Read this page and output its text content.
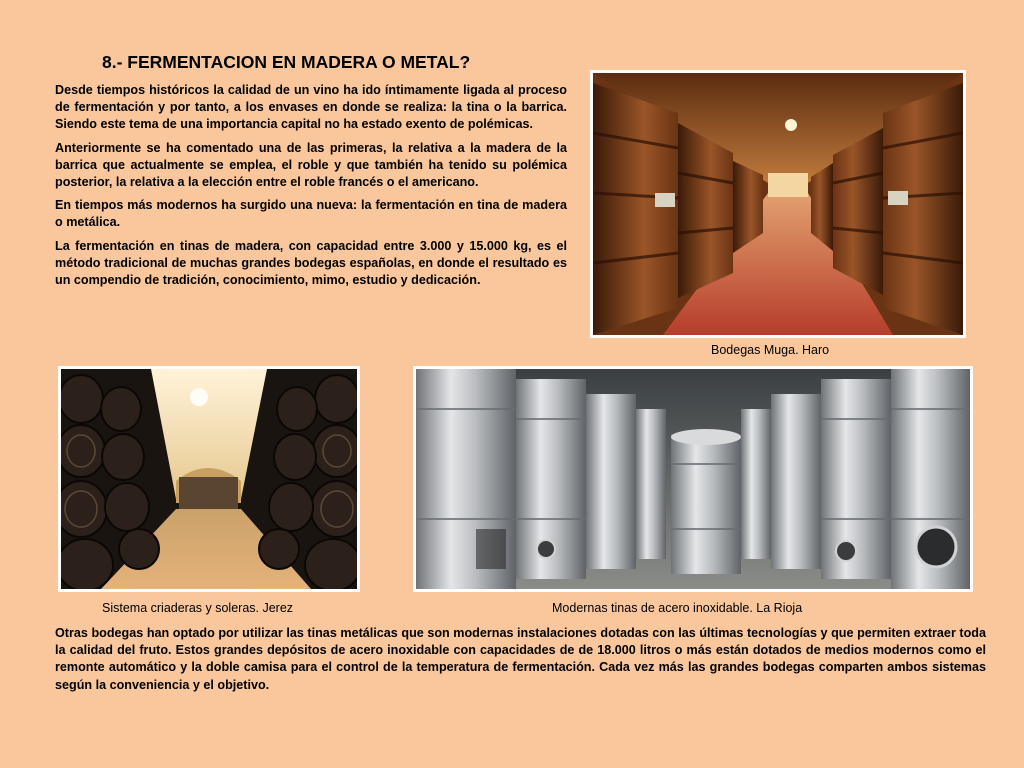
8.- FERMENTACION EN MADERA O METAL?

Desde tiempos históricos la calidad de un vino ha ido íntimamente ligada al proceso de fermentación y por tanto, a los envases en donde se realiza: la tina o la barrica. Siendo este tema de una importancia capital no ha estado exento de polémicas.

Anteriormente se ha comentado una de las primeras, la relativa a la madera de la barrica que actualmente se emplea, el roble y que también ha tenido su polémica posterior, la relativa a la elección entre el roble francés o el americano.

En tiempos más modernos ha surgido una nueva: la fermentación en tina de madera o metálica.

La fermentación en tinas de madera, con capacidad entre 3.000 y 15.000 kg, es el método tradicional de muchas grandes bodegas españolas, en donde el resultado es un compendio de tradición, conocimiento, mimo, estudio y dedicación.

Bodegas Muga. Haro

Sistema criaderas y soleras. Jerez	Modernas tinas de acero inoxidable. La Rioja

Otras bodegas han optado por utilizar las tinas metálicas que son modernas instalaciones dotadas con las últimas tecnologías y que permiten extraer toda la calidad del fruto. Estos grandes depósitos de acero inoxidable con capacidades de de 18.000 litros o más están dotados de medios modernos como el remonte automático y la doble camisa para el control de la temperatura de fermentación. Cada vez más las grandes bodegas comparten ambos sistemas según la conveniencia y el objetivo.
